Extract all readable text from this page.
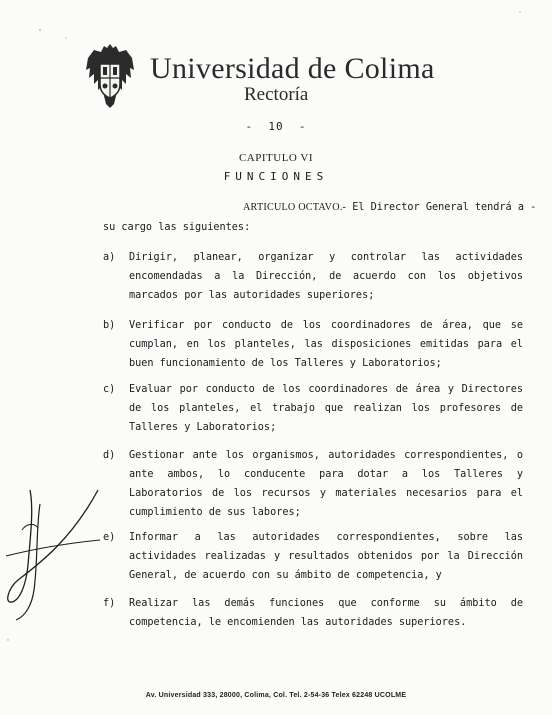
Universidad de Colima
Rectoría
-  10  -
CAPITULO VI
FUNCIONES
ARTICULO OCTAVO.- El Director General tendrá a -
su cargo las siguientes:
a)	Dirigir, planear, organizar y controlar las actividades encomendadas a la Dirección, de acuerdo con los objetivos marcados por las autoridades superiores;
b)	Verificar por conducto de los coordinadores de área, que se cumplan, en los planteles, las disposiciones emitidas para el buen funcionamiento de los Talleres y Laboratorios;
c)	Evaluar por conducto de los coordinadores de área y Directores de los planteles, el trabajo que realizan los profesores de Talleres y Laboratorios;
d)	Gestionar ante los organismos, autoridades correspondientes, o ante ambos, lo conducente para dotar a los Talleres y Laboratorios de los recursos y materiales necesarios para el cumplimiento de sus labores;
e)	Informar a las autoridades correspondientes, sobre las actividades realizadas y resultados obtenidos por la Dirección General, de acuerdo con su ámbito de competencia, y
f)	Realizar las demás funciones que conforme su ámbito de competencia, le encomienden las autoridades superiores.
Av. Universidad 333, 28000, Colima, Col. Tel. 2-54-36 Telex 62248 UCOLME
